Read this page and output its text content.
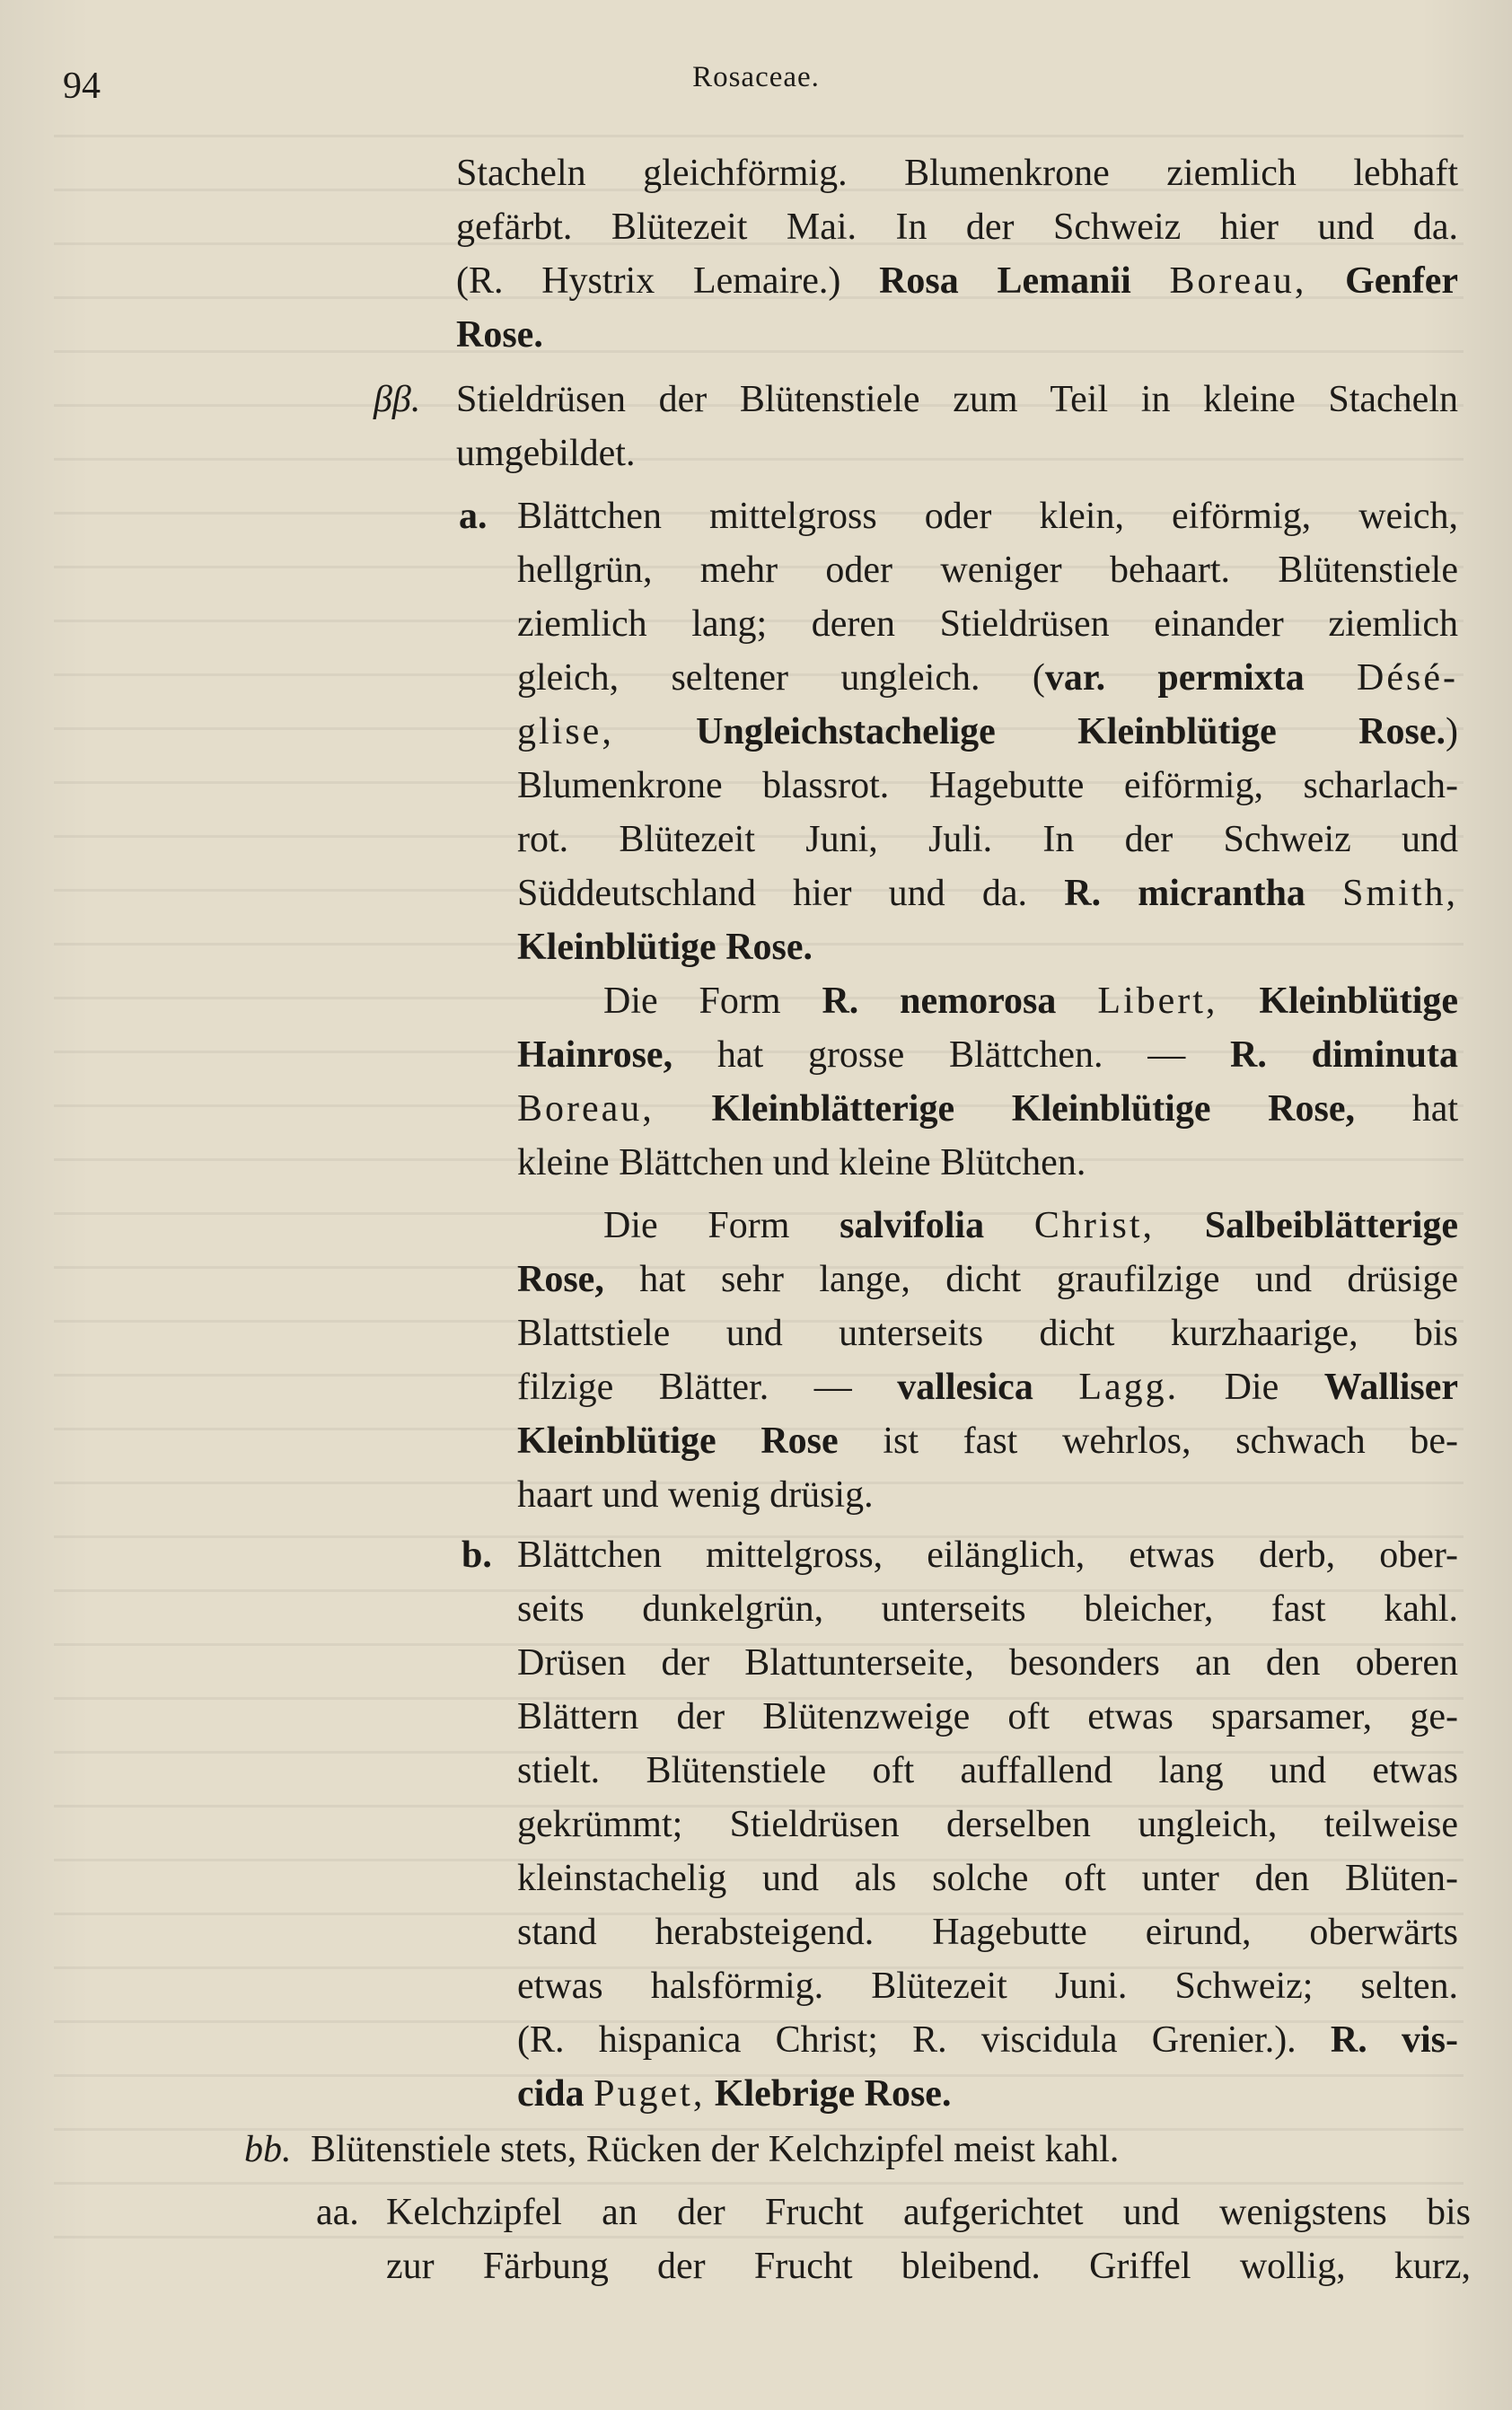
94	Rosaceae.
Stacheln gleichförmig. Blumenkrone ziemlich lebhaft
gefärbt. Blütezeit Mai. In der Schweiz hier und da.
(R. Hystrix Lemaire.) Rosa Lemanii Boreau, Genfer
Rose.
ββ. Stieldrüsen der Blütenstiele zum Teil in kleine Stacheln
umgebildet.
a. Blättchen mittelgross oder klein, eiförmig, weich,
hellgrün, mehr oder weniger behaart. Blütenstiele
ziemlich lang; deren Stieldrüsen einander ziemlich
gleich, seltener ungleich. (var. permixta Désé-
glise, Ungleichstachelige Kleinblütige Rose.)
Blumenkrone blassrot. Hagebutte eiförmig, scharlach-
rot. Blütezeit Juni, Juli. In der Schweiz und
Süddeutschland hier und da. R. micrantha Smith,
Kleinblütige Rose.
Die Form R. nemorosa Libert, Kleinblütige
Hainrose, hat grosse Blättchen. — R. diminuta
Boreau, Kleinblätterige Kleinblütige Rose, hat
kleine Blättchen und kleine Blütchen.
Die Form salvifolia Christ, Salbeiblätterige
Rose, hat sehr lange, dicht graufilzige und drüsige
Blattstiele und unterseits dicht kurzhaarige, bis
filzige Blätter. — vallesica Lagg. Die Walliser
Kleinblütige Rose ist fast wehrlos, schwach be-
haart und wenig drüsig.
b. Blättchen mittelgross, eilänglich, etwas derb, ober-
seits dunkelgrün, unterseits bleicher, fast kahl.
Drüsen der Blattunterseite, besonders an den oberen
Blättern der Blütenzweige oft etwas sparsamer, ge-
stielt. Blütenstiele oft auffallend lang und etwas
gekrümmt; Stieldrüsen derselben ungleich, teilweise
kleinstachelig und als solche oft unter den Blüten-
stand herabsteigend. Hagebutte eirund, oberwärts
etwas halsförmig. Blütezeit Juni. Schweiz; selten.
(R. hispanica Christ; R. viscidula Grenier.). R. vis-
cida Puget, Klebrige Rose.
bb. Blütenstiele stets, Rücken der Kelchzipfel meist kahl.
aa. Kelchzipfel an der Frucht aufgerichtet und wenigstens bis
zur Färbung der Frucht bleibend. Griffel wollig, kurz,
